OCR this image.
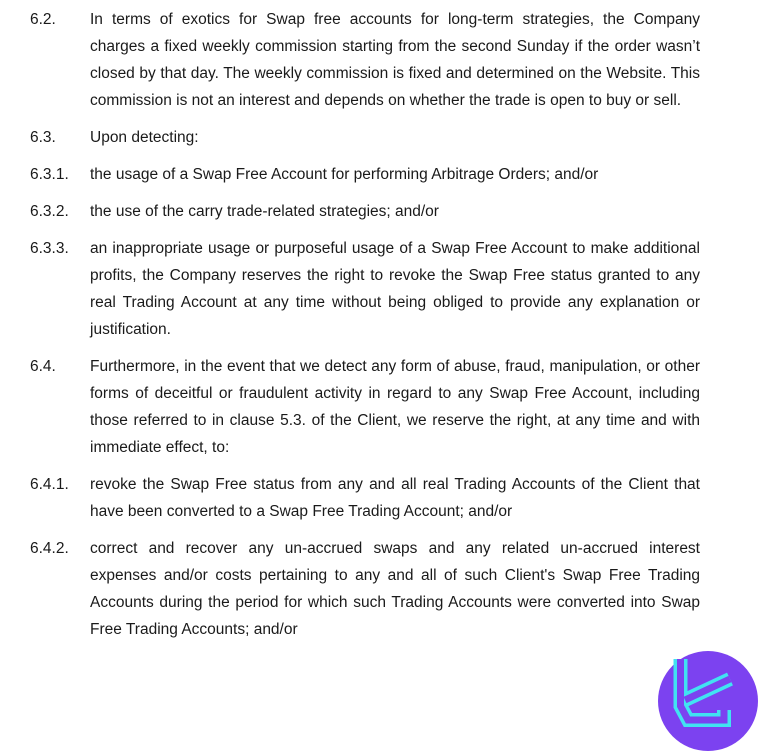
6.2. In terms of exotics for Swap free accounts for long-term strategies, the Company charges a fixed weekly commission starting from the second Sunday if the order wasn’t closed by that day. The weekly commission is fixed and determined on the Website. This commission is not an interest and depends on whether the trade is open to buy or sell.
6.3. Upon detecting:
6.3.1. the usage of a Swap Free Account for performing Arbitrage Orders; and/or
6.3.2. the use of the carry trade-related strategies; and/or
6.3.3. an inappropriate usage or purposeful usage of a Swap Free Account to make additional profits, the Company reserves the right to revoke the Swap Free status granted to any real Trading Account at any time without being obliged to provide any explanation or justification.
6.4. Furthermore, in the event that we detect any form of abuse, fraud, manipulation, or other forms of deceitful or fraudulent activity in regard to any Swap Free Account, including those referred to in clause 5.3. of the Client, we reserve the right, at any time and with immediate effect, to:
6.4.1. revoke the Swap Free status from any and all real Trading Accounts of the Client that have been converted to a Swap Free Trading Account; and/or
6.4.2. correct and recover any un-accrued swaps and any related un-accrued interest expenses and/or costs pertaining to any and all of such Client's Swap Free Trading Accounts during the period for which such Trading Accounts were converted into Swap Free Trading Accounts; and/or
